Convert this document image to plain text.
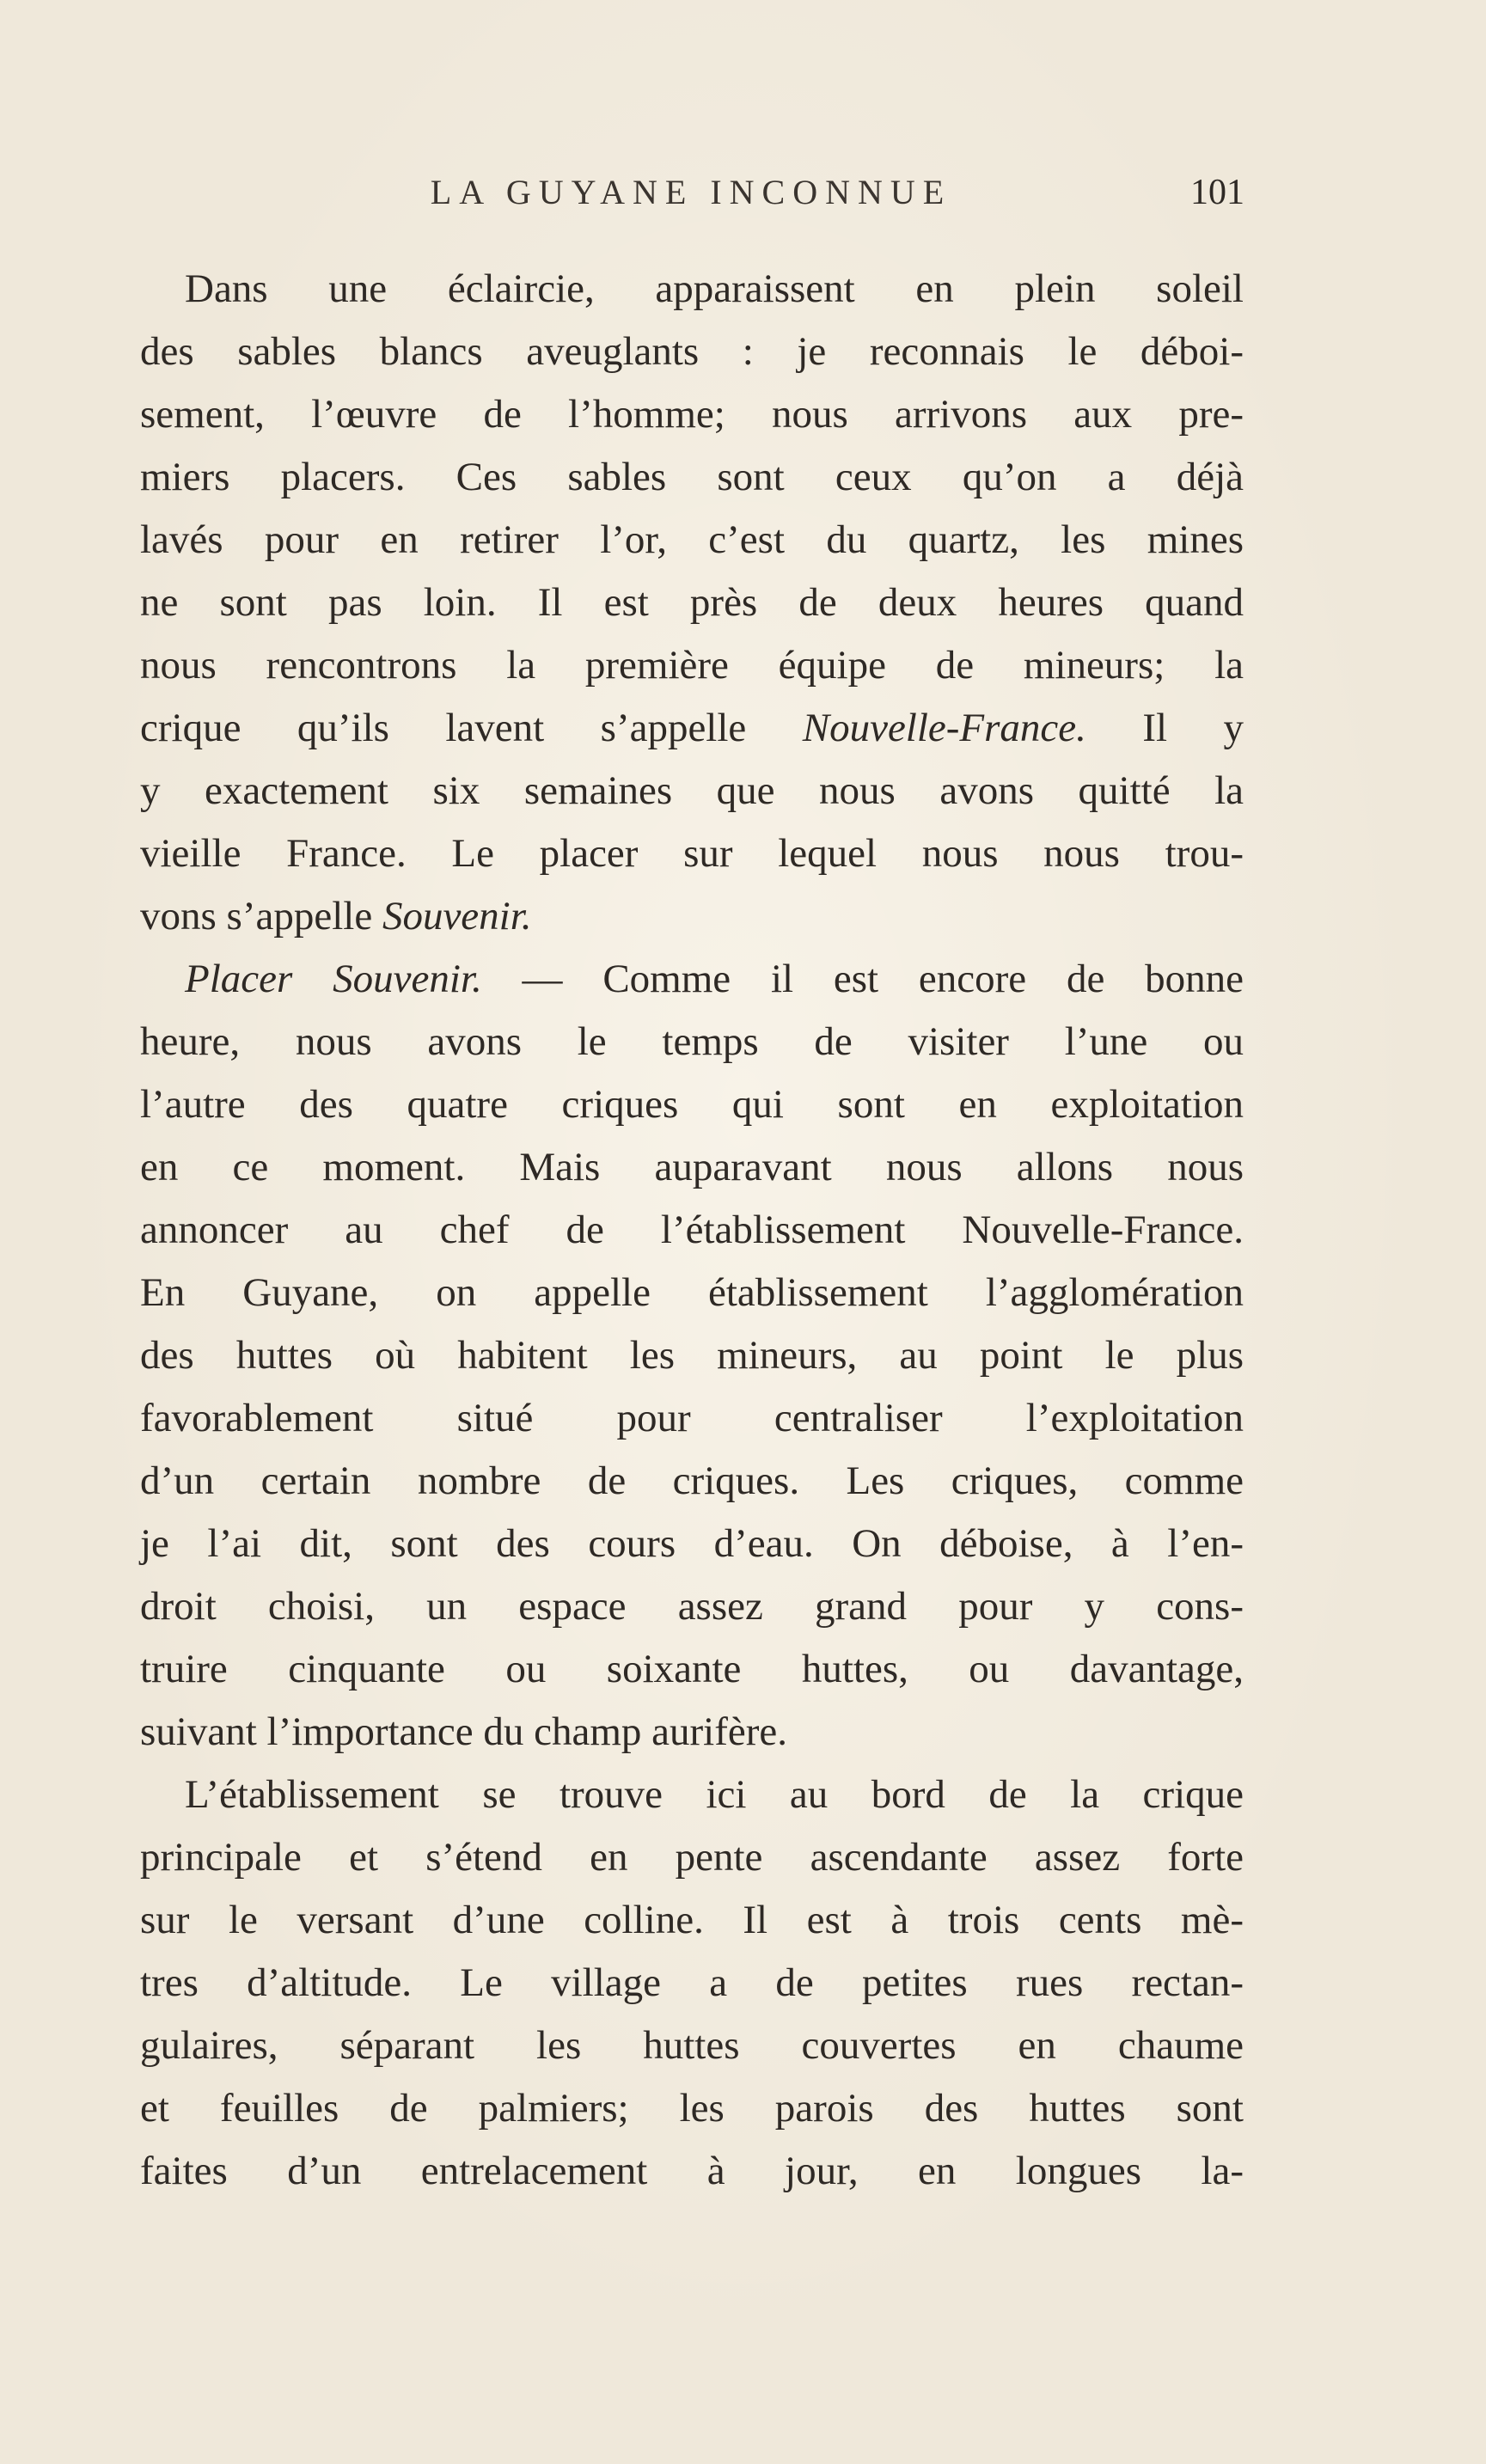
LA GUYANE INCONNUE	101
Dans une éclaircie, apparaissent en plein soleil
des sables blancs aveuglants : je reconnais le déboi-
sement, l’œuvre de l’homme; nous arrivons aux pre-
miers placers. Ces sables sont ceux qu’on a déjà
lavés pour en retirer l’or, c’est du quartz, les mines
ne sont pas loin. Il est près de deux heures quand
nous rencontrons la première équipe de mineurs; la
crique qu’ils lavent s’appelle Nouvelle-France. Il y
y exactement six semaines que nous avons quitté la
vieille France. Le placer sur lequel nous nous trou-
vons s’appelle Souvenir.
Placer Souvenir. — Comme il est encore de bonne
heure, nous avons le temps de visiter l’une ou
l’autre des quatre criques qui sont en exploitation
en ce moment. Mais auparavant nous allons nous
annoncer au chef de l’établissement Nouvelle-France.
En Guyane, on appelle établissement l’agglomération
des huttes où habitent les mineurs, au point le plus
favorablement situé pour centraliser l’exploitation
d’un certain nombre de criques. Les criques, comme
je l’ai dit, sont des cours d’eau. On déboise, à l’en-
droit choisi, un espace assez grand pour y cons-
truire cinquante ou soixante huttes, ou davantage,
suivant l’importance du champ aurifère.
L’établissement se trouve ici au bord de la crique
principale et s’étend en pente ascendante assez forte
sur le versant d’une colline. Il est à trois cents mè-
tres d’altitude. Le village a de petites rues rectan-
gulaires, séparant les huttes couvertes en chaume
et feuilles de palmiers; les parois des huttes sont
faites d’un entrelacement à jour, en longues la-
